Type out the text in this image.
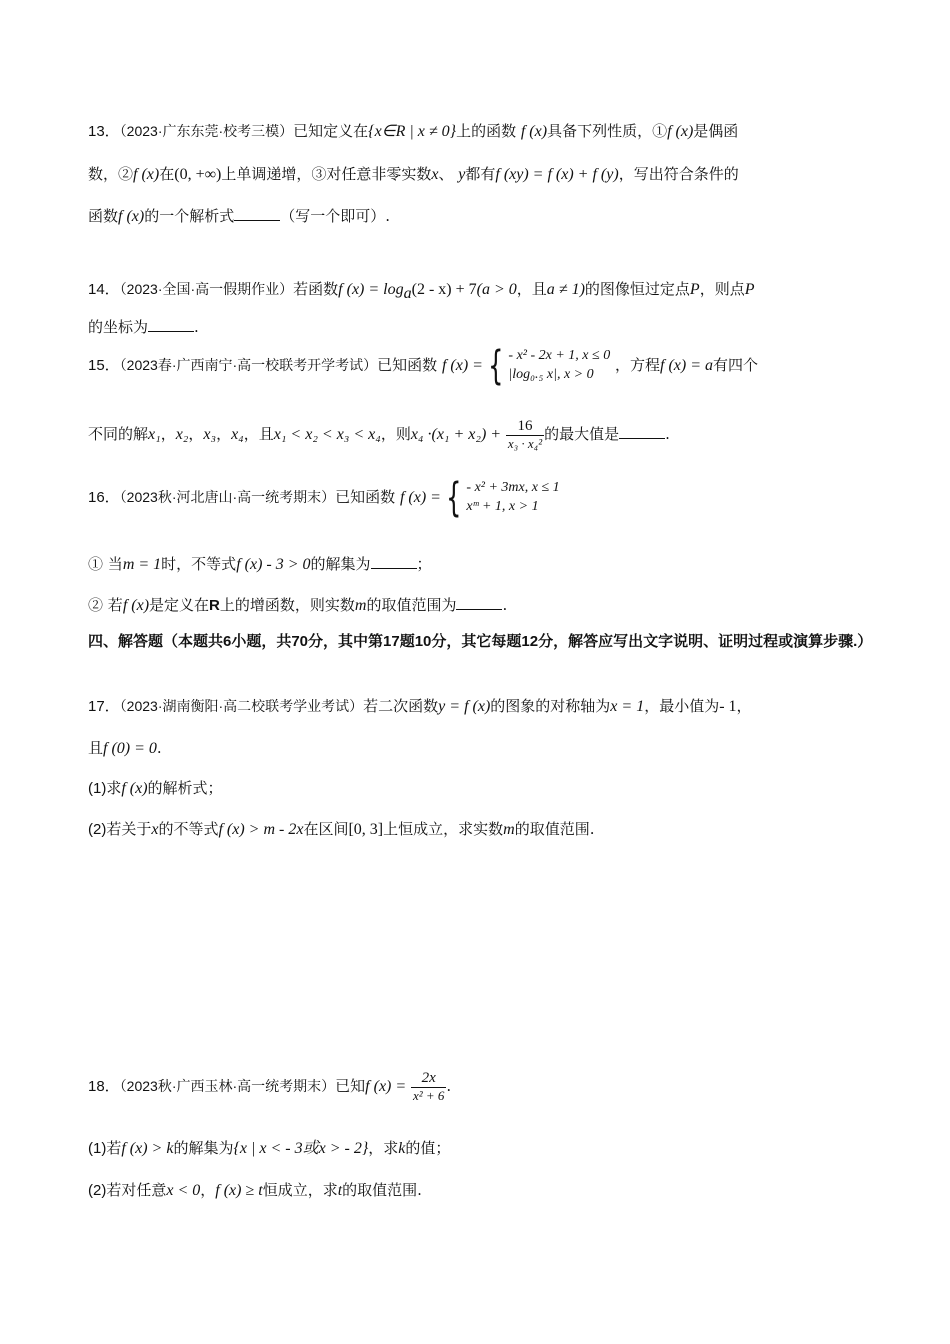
13．（2023·广东东莞·校考三模）已知定义在{x∈R | x ≠ 0}上的函数 f (x)具备下列性质，①f (x)是偶函
数，②f (x)在(0, +∞)上单调递增，③对任意非零实数x、 y都有f (xy) = f (x) + f (y)，写出符合条件的
函数f (x)的一个解析式	（写一个即可）.
14．（2023·全国·高一假期作业）若函数f $(x) = \log_a(2 - x) + 7(a > 0$，且a ≠ 1)的图像恒过定点P，则点P
的坐标为	.
15．（2023春·广西南宁·高一校联考开学考试）已知函数 f (x) = { - x² - 2x + 1, x ≤ 0
|log₀.₅ x|, x > 0
，方程f (x) = a有四个
不同的解x₁，x₂，x₃，x₄，且x₁ < x₂ < x₃ < x₄，则$x_4 \cdot(x_1 + x_2) + \frac{16}{\text{x₃ · x₄²}}$ 的最大值是	.
16．（2023秋·河北唐山·高一统考期末）已知函数 f (x) = { - x² + 3mx, x ≤ 1
xᵐ + 1, x > 1
① 当m = 1时，不等式f (x) - 3 > 0的解集为	；
② 若f (x)是定义在R上的增函数，则实数m的取值范围为	.
四、解答题（本题共6小题，共70分，其中第17题10分，其它每题12分，解答应写出文字说明、证明过程或演算步骤.）
17．（2023·湖南衡阳·高二校联考学业考试）若二次函数y = f (x)的图象的对称轴为x = 1，最小值为- 1，
且f (0) = 0.
(1)求f (x)的解析式；
(2)若关于x的不等式f (x) > m - 2x在区间[0, 3]上恒成立，求实数m的取值范围.
18．（2023秋·广西玉林·高一统考期末）已知f $(x) = \frac{2x}{\text{x² + 6}}$ .
(1)若f (x) > k的解集为{x | x < - 3或x > - 2}，求k的值；
(2)若对任意x < 0，f (x) ≥ t恒成立，求t的取值范围.
